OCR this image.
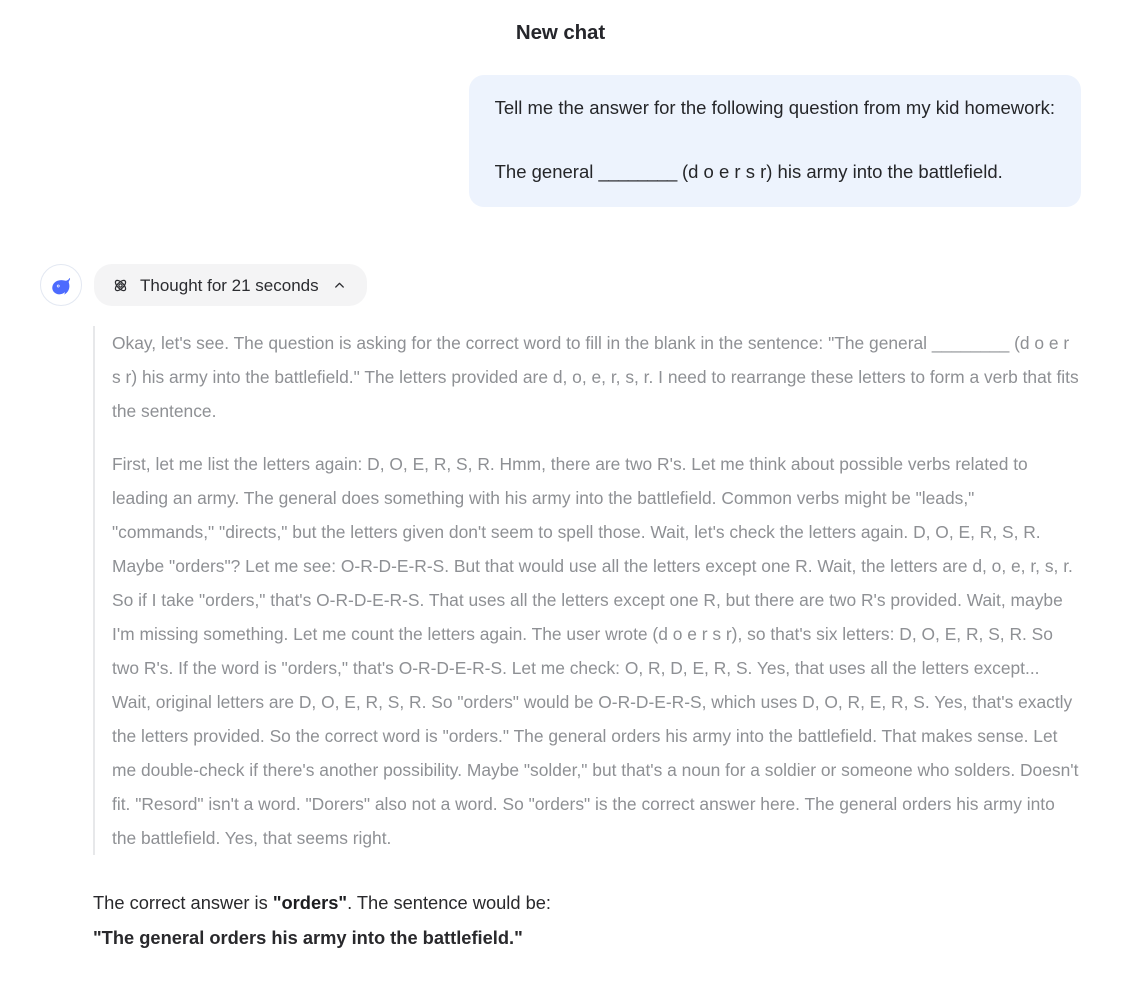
New chat

Tell me the answer for the following question from my kid homework:

The general ________ (d o e r s r) his army into the battlefield.

Thought for 21 seconds

Okay, let's see. The question is asking for the correct word to fill in the blank in the sentence: "The general ________ (d o e r s r) his army into the battlefield." The letters provided are d, o, e, r, s, r. I need to rearrange these letters to form a verb that fits the sentence.

First, let me list the letters again: D, O, E, R, S, R. Hmm, there are two R's. Let me think about possible verbs related to leading an army. The general does something with his army into the battlefield. Common verbs might be "leads," "commands," "directs," but the letters given don't seem to spell those. Wait, let's check the letters again. D, O, E, R, S, R. Maybe "orders"? Let me see: O-R-D-E-R-S. But that would use all the letters except one R. Wait, the letters are d, o, e, r, s, r. So if I take "orders," that's O-R-D-E-R-S. That uses all the letters except one R, but there are two R's provided. Wait, maybe I'm missing something. Let me count the letters again. The user wrote (d o e r s r), so that's six letters: D, O, E, R, S, R. So two R's. If the word is "orders," that's O-R-D-E-R-S. Let me check: O, R, D, E, R, S. Yes, that uses all the letters except... Wait, original letters are D, O, E, R, S, R. So "orders" would be O-R-D-E-R-S, which uses D, O, R, E, R, S. Yes, that's exactly the letters provided. So the correct word is "orders." The general orders his army into the battlefield. That makes sense. Let me double-check if there's another possibility. Maybe "solder," but that's a noun for a soldier or someone who solders. Doesn't fit. "Resord" isn't a word. "Dorers" also not a word. So "orders" is the correct answer here. The general orders his army into the battlefield. Yes, that seems right.

The correct answer is "orders". The sentence would be:

"The general orders his army into the battlefield."
